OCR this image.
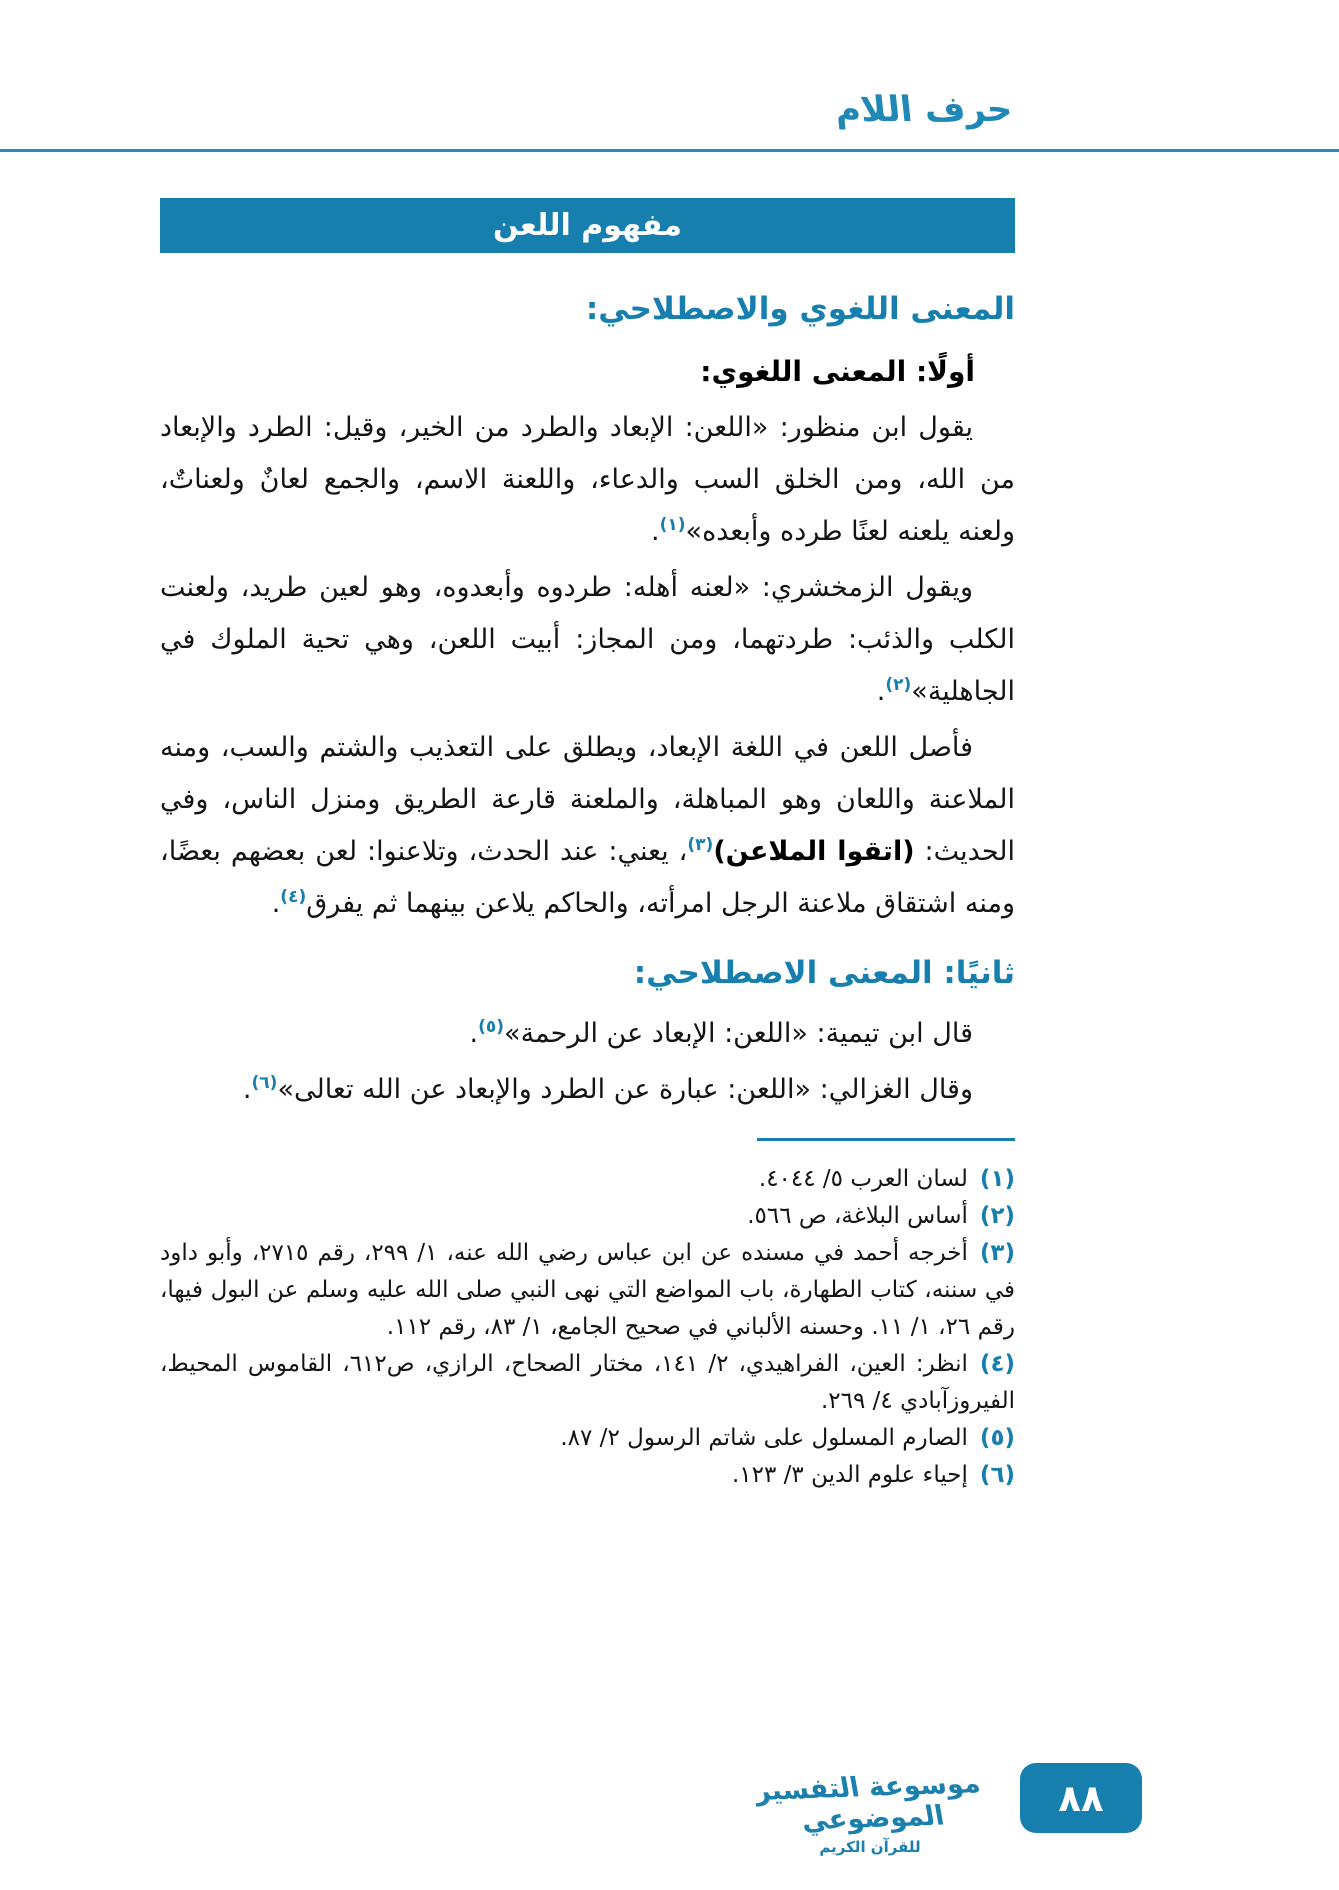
حرف اللام
مفهوم اللعن
المعنى اللغوي والاصطلاحي:
أولًا: المعنى اللغوي:

يقول ابن منظور: «اللعن: الإبعاد والطرد من الخير، وقيل: الطرد والإبعاد من الله، ومن الخلق السب والدعاء، واللعنة الاسم، والجمع لعانٌ ولعناتٌ، ولعنه يلعنه لعنًا طرده وأبعده»$^{(١)}$.

ويقول الزمخشري: «لعنه أهله: طردوه وأبعدوه، وهو لعين طريد، ولعنت الكلب والذئب: طردتهما، ومن المجاز: أبيت اللعن، وهي تحية الملوك في الجاهلية»$^{(٢)}$.

فأصل اللعن في اللغة الإبعاد، ويطلق على التعذيب والشتم والسب، ومنه الملاعنة واللعان وهو المباهلة، والملعنة قارعة الطريق ومنزل الناس، وفي الحديث: (اتقوا الملاعن)$^{(٣)}$، يعني: عند الحدث، وتلاعنوا: لعن بعضهم بعضًا، ومنه اشتقاق ملاعنة الرجل امرأته، والحاكم يلاعن بينهما ثم يفرق$^{(٤)}$.

ثانيًا: المعنى الاصطلاحي:

قال ابن تيمية: «اللعن: الإبعاد عن الرحمة»$^{(٥)}$.

وقال الغزالي: «اللعن: عبارة عن الطرد والإبعاد عن الله تعالى»$^{(٦)}$.

(١)لسان العرب ٥/ ٤٠٤٤.
(٢)أساس البلاغة، ص ٥٦٦.
(٣)أخرجه أحمد في مسنده عن ابن عباس رضي الله عنه، ١/ ٢٩٩، رقم ٢٧١٥، وأبو داود في سننه، كتاب الطهارة، باب المواضع التي نهى النبي صلى الله عليه وسلم عن البول فيها، رقم ٢٦، ١/ ١١. وحسنه الألباني في صحيح الجامع، ١/ ٨٣، رقم ١١٢.
(٤)انظر: العين، الفراهيدي، ٢/ ١٤١، مختار الصحاح، الرازي، ص٦١٢، القاموس المحيط، الفيروزآبادي ٤/ ٢٦٩.
(٥)الصارم المسلول على شاتم الرسول ٢/ ٨٧.
(٦)إحياء علوم الدين ٣/ ١٢٣.
موسوعة التفسير الموضوعي
للقرآن الكريم
٨٨
